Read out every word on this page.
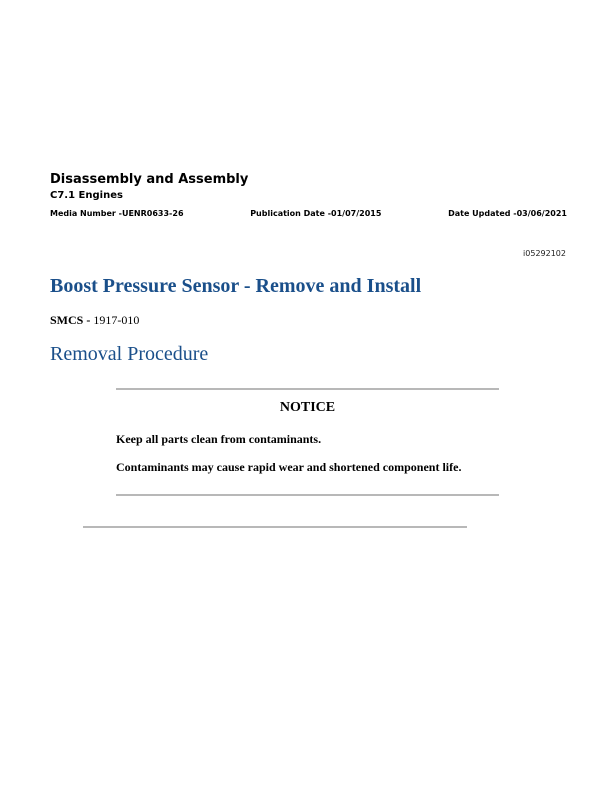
Disassembly and Assembly
C7.1 Engines
Media Number -UENR0633-26	Publication Date -01/07/2015	Date Updated -03/06/2021
i05292102
Boost Pressure Sensor - Remove and Install
SMCS - 1917-010
Removal Procedure
NOTICE

Keep all parts clean from contaminants.

Contaminants may cause rapid wear and shortened component life.
